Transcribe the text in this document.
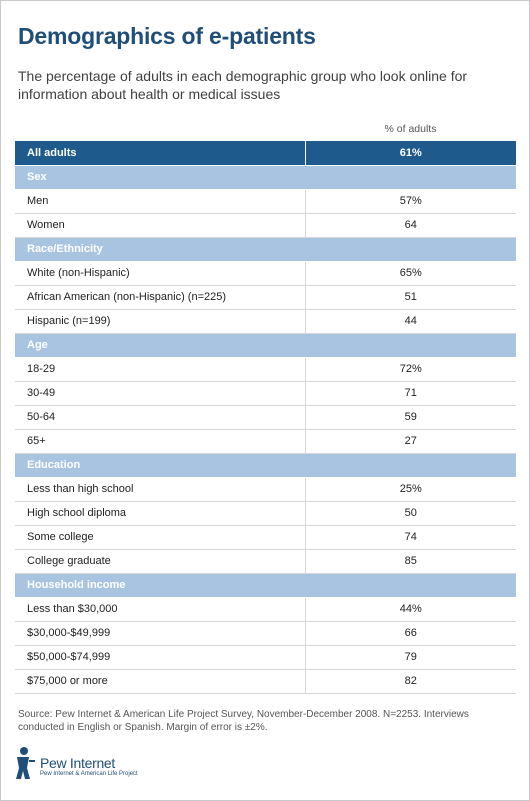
Demographics of e-patients
The percentage of adults in each demographic group who look online for information about health or medical issues
% of adults
All adults	61%
Sex	
Men	57%
Women	64
Race/Ethnicity	
White (non-Hispanic)	65%
African American (non-Hispanic) (n=225)	51
Hispanic (n=199)	44
Age	
18-29	72%
30-49	71
50-64	59
65+	27
Education	
Less than high school	25%
High school diploma	50
Some college	74
College graduate	85
Household income	
Less than $30,000	44%
$30,000-$49,999	66
$50,000-$74,999	79
$75,000 or more	82
Source: Pew Internet & American Life Project Survey, November-December 2008. N=2253. Interviews conducted in English or Spanish. Margin of error is ±2%.
Pew Internet
Pew Internet & American Life Project
